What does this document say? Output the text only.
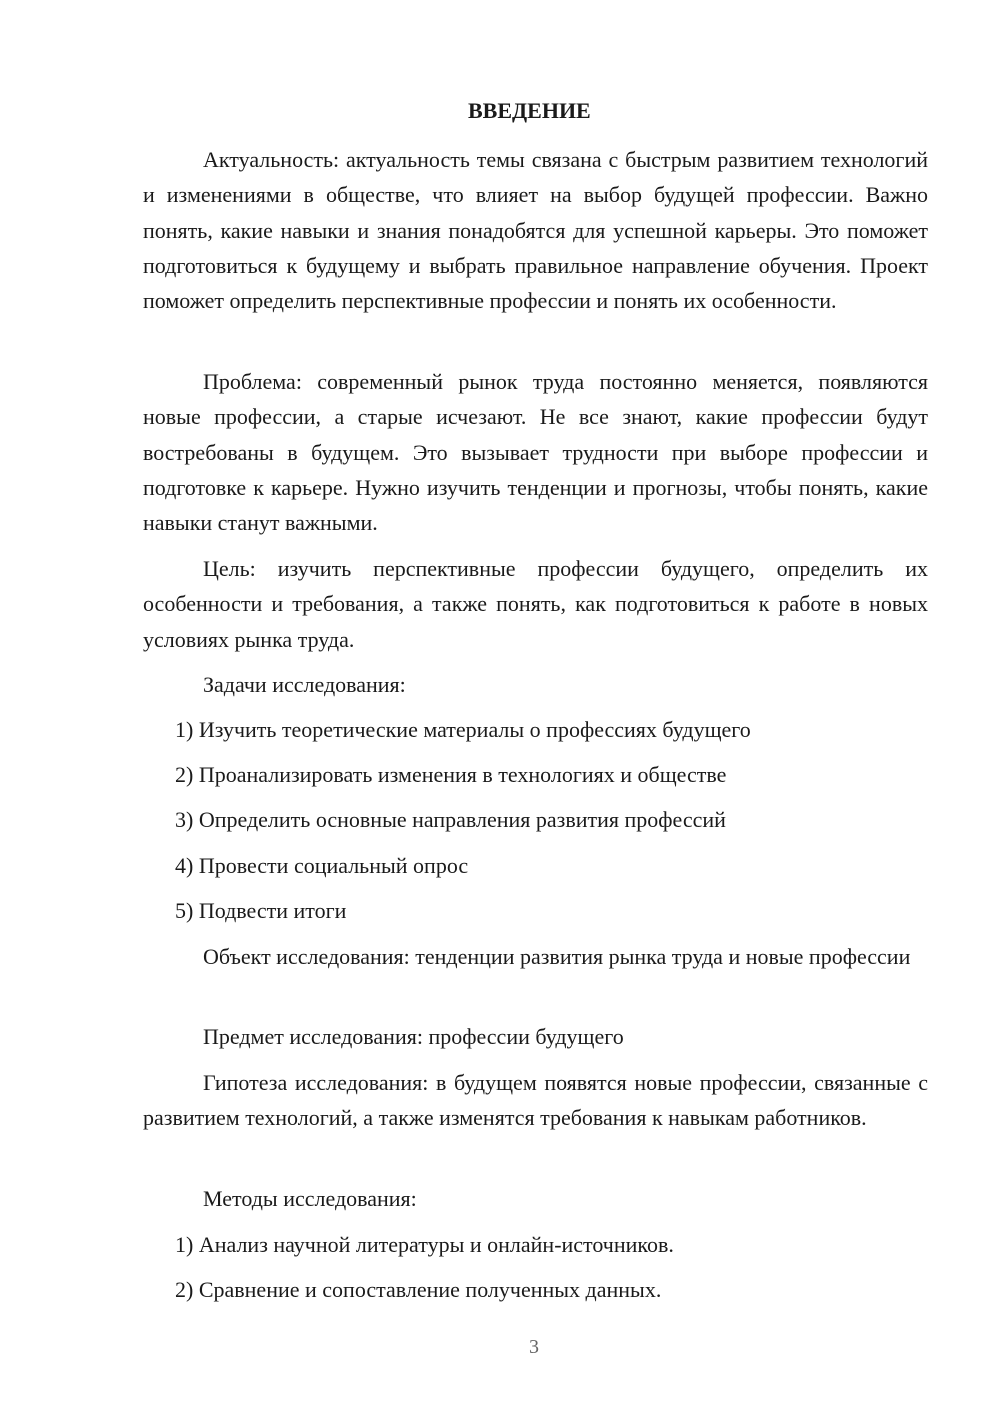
ВВЕДЕНИЕ

Актуальность: актуальность темы связана с быстрым развитием технологий и изменениями в обществе, что влияет на выбор будущей профессии. Важно понять, какие навыки и знания понадобятся для успешной карьеры. Это поможет подготовиться к будущему и выбрать правильное направление обучения. Проект поможет определить перспективные профессии и понять их особенности.

Проблема: современный рынок труда постоянно меняется, появляются новые профессии, а старые исчезают. Не все знают, какие профессии будут востребованы в будущем. Это вызывает трудности при выборе профессии и подготовке к карьере. Нужно изучить тенденции и прогнозы, чтобы понять, какие навыки станут важными.

Цель: изучить перспективные профессии будущего, определить их особенности и требования, а также понять, как подготовиться к работе в новых условиях рынка труда.

Задачи исследования:

1) Изучить теоретические материалы о профессиях будущего

2) Проанализировать изменения в технологиях и обществе

3) Определить основные направления развития профессий

4) Провести социальный опрос

5) Подвести итоги

Объект исследования: тенденции развития рынка труда и новые профессии

Предмет исследования: профессии будущего

Гипотеза исследования: в будущем появятся новые профессии, связанные с развитием технологий, а также изменятся требования к навыкам работников.

Методы исследования:

1) Анализ научной литературы и онлайн-источников.

2) Сравнение и сопоставление полученных данных.

3
